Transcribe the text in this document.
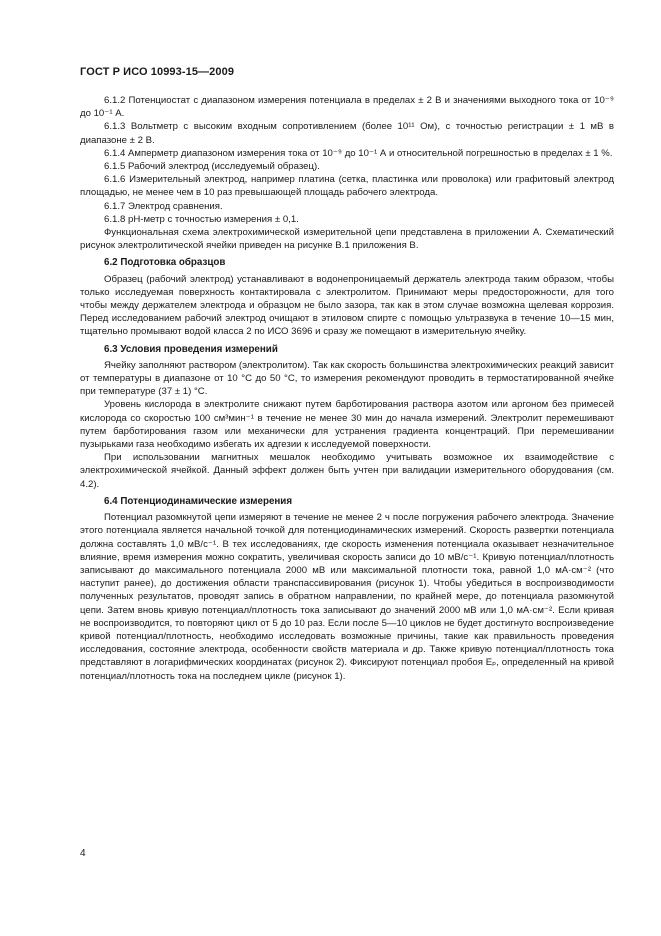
ГОСТ Р ИСО 10993-15—2009

6.1.2 Потенциостат с диапазоном измерения потенциала в пределах ± 2 В и значениями выходного тока от 10⁻⁹ до 10⁻¹ А.

6.1.3 Вольтметр с высоким входным сопротивлением (более 10¹¹ Ом), с точностью регистрации ± 1 мВ в диапазоне ± 2 В.

6.1.4 Амперметр диапазоном измерения тока от 10⁻⁹ до 10⁻¹ А и относительной погрешностью в пределах ± 1 %.

6.1.5 Рабочий электрод (исследуемый образец).

6.1.6 Измерительный электрод, например платина (сетка, пластинка или проволока) или графитовый электрод площадью, не менее чем в 10 раз превышающей площадь рабочего электрода.

6.1.7 Электрод сравнения.

6.1.8 pH-метр с точностью измерения ± 0,1.

Функциональная схема электрохимической измерительной цепи представлена в приложении А. Схематический рисунок электролитической ячейки приведен на рисунке В.1 приложения В.

6.2 Подготовка образцов

Образец (рабочий электрод) устанавливают в водонепроницаемый держатель электрода таким образом, чтобы только исследуемая поверхность контактировала с электролитом. Принимают меры предосторожности, для того чтобы между держателем электрода и образцом не было зазора, так как в этом случае возможна щелевая коррозия. Перед исследованием рабочий электрод очищают в этиловом спирте с помощью ультразвука в течение 10—15 мин, тщательно промывают водой класса 2 по ИСО 3696 и сразу же помещают в измерительную ячейку.

6.3 Условия проведения измерений

Ячейку заполняют раствором (электролитом). Так как скорость большинства электрохимических реакций зависит от температуры в диапазоне от 10 °С до 50 °С, то измерения рекомендуют проводить в термостатированной ячейке при температуре (37 ± 1) °С.

Уровень кислорода в электролите снижают путем барботирования раствора азотом или аргоном без примесей кислорода со скоростью 100 см³мин⁻¹ в течение не менее 30 мин до начала измерений. Электролит перемешивают путем барботирования газом или механически для устранения градиента концентраций. При перемешивании пузырьками газа необходимо избегать их адгезии к исследуемой поверхности.

При использовании магнитных мешалок необходимо учитывать возможное их взаимодействие с электрохимической ячейкой. Данный эффект должен быть учтен при валидации измерительного оборудования (см. 4.2).

6.4 Потенциодинамические измерения

Потенциал разомкнутой цепи измеряют в течение не менее 2 ч после погружения рабочего электрода. Значение этого потенциала является начальной точкой для потенциодинамических измерений. Скорость развертки потенциала должна составлять 1,0 мВ/с⁻¹. В тех исследованиях, где скорость изменения потенциала оказывает незначительное влияние, время измерения можно сократить, увеличивая скорость записи до 10 мВ/с⁻¹. Кривую потенциал/плотность записывают до максимального потенциала 2000 мВ или максимальной плотности тока, равной 1,0 мА·см⁻² (что наступит ранее), до достижения области транспассивирования (рисунок 1). Чтобы убедиться в воспроизводимости полученных результатов, проводят запись в обратном направлении, по крайней мере, до потенциала разомкнутой цепи. Затем вновь кривую потенциал/плотность тока записывают до значений 2000 мВ или 1,0 мА·см⁻². Если кривая не воспроизводится, то повторяют цикл от 5 до 10 раз. Если после 5—10 циклов не будет достигнуто воспроизведение кривой потенциал/плотность, необходимо исследовать возможные причины, такие как правильность проведения исследования, состояние электрода, особенности свойств материала и др. Также кривую потенциал/плотность тока представляют в логарифмических координатах (рисунок 2). Фиксируют потенциал пробоя Eₚ, определенный на кривой потенциал/плотность тока на последнем цикле (рисунок 1).

4
